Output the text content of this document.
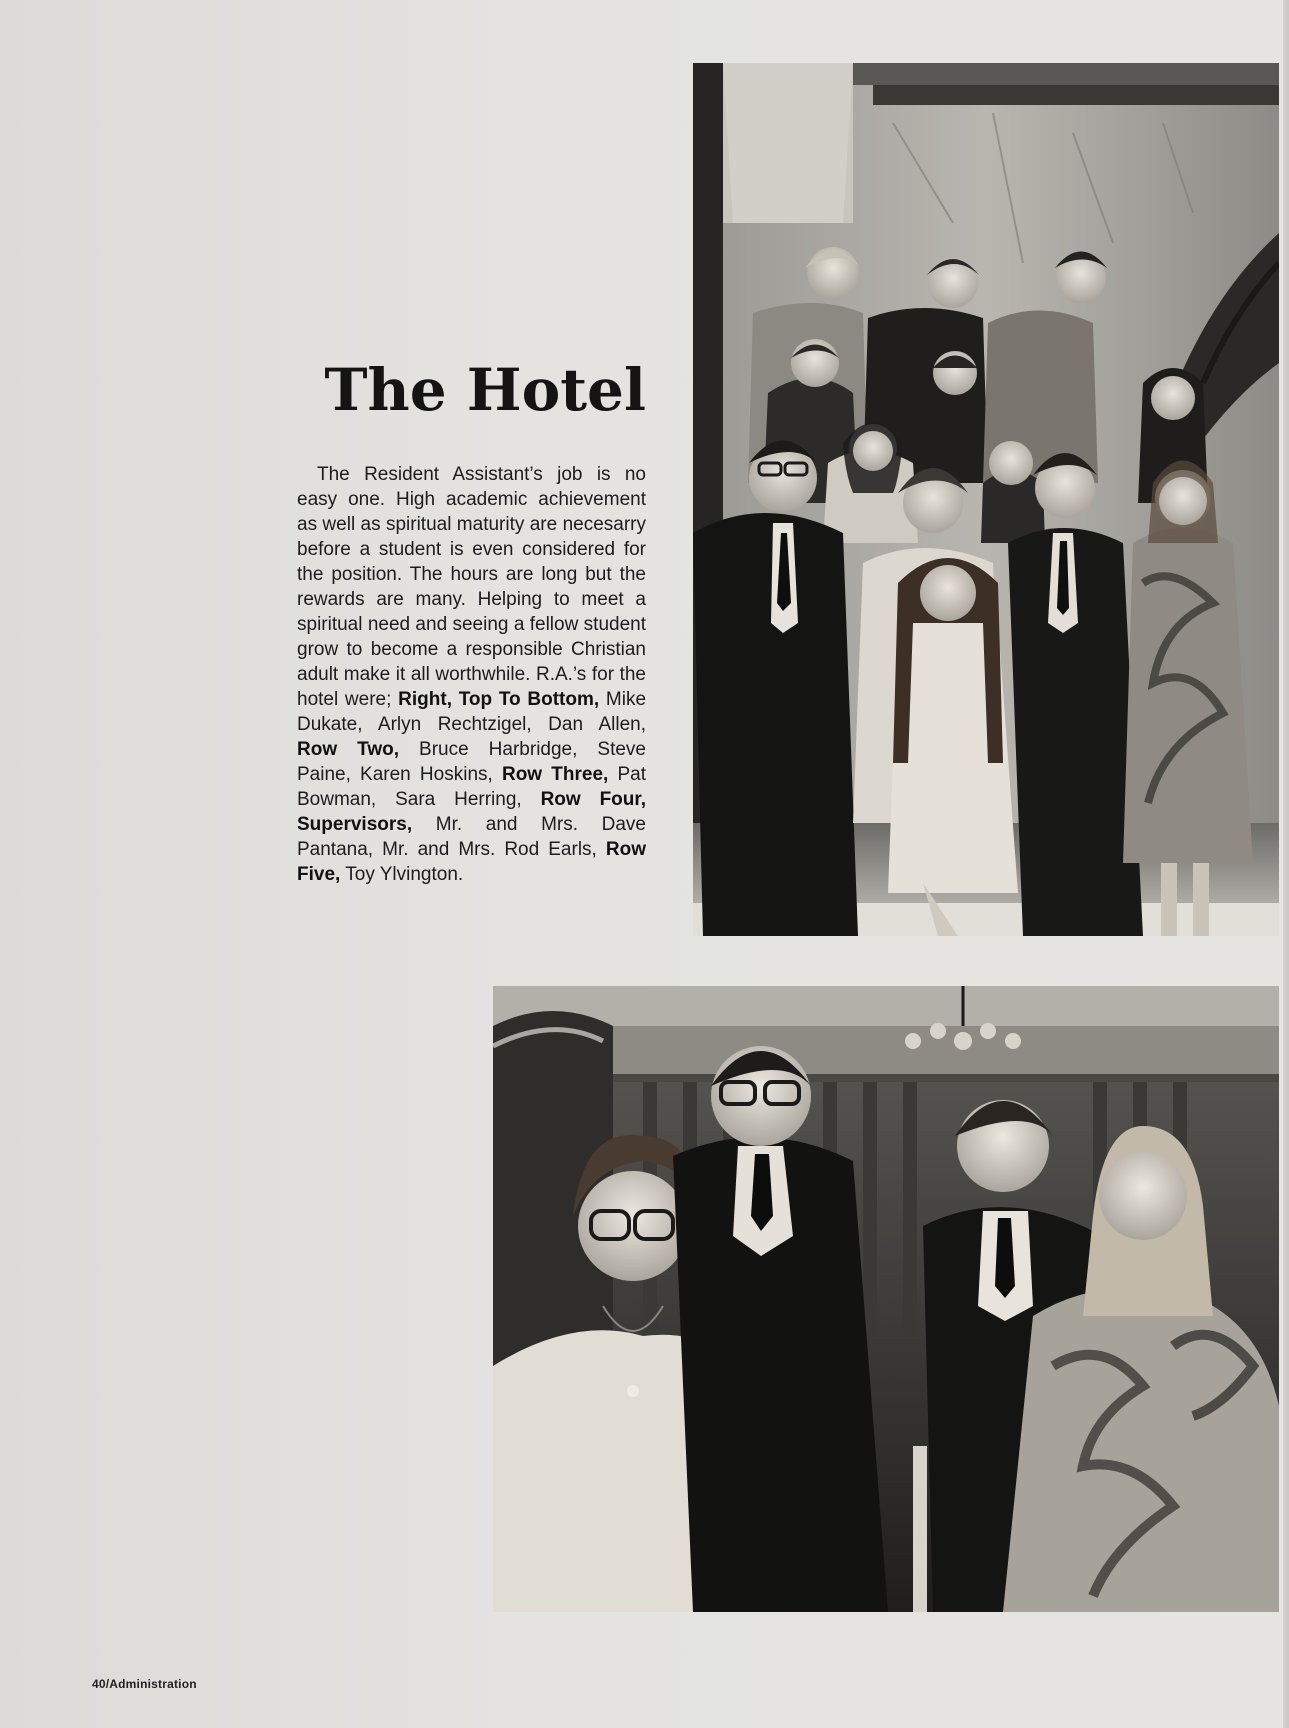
The Hotel
The Resident Assistant’s job is no easy one. High academic achievement as well as spiritual maturity are necesarry before a student is even considered for the position. The hours are long but the rewards are many. Helping to meet a spiritual need and seeing a fellow student grow to become a responsible Christian adult make it all worthwhile. R.A.’s for the hotel were; Right, Top To Bottom, Mike Dukate, Arlyn Rechtzigel, Dan Allen, Row Two, Bruce Harbridge, Steve Paine, Karen Hoskins, Row Three, Pat Bowman, Sara Herring, Row Four, Supervisors, Mr. and Mrs. Dave Pantana, Mr. and Mrs. Rod Earls, Row Five, Toy Ylvington.
40/Administration
